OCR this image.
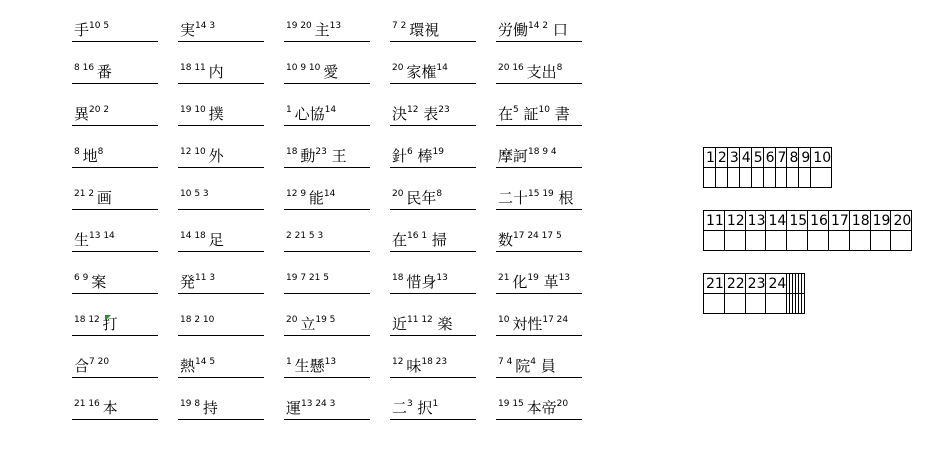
手$^{10 5}$	実$^{14 3}$	$^{19 20}$ 主$^{13}$	$^{7 2}$ 環視	労働$^{14 2}$ 口
$^{8 16}$ 番	$^{18 11}$ 内	$^{10 9 10}$ 愛	$^{20}$ 家権$^{14}$	$^{20 16}$ 支出$^8$
異$^{20 2}$	$^{19 10}$ 撲	$^1$ 心協$^{14}$	決$^{12}$ 表$^{23}$	在$^5$ 証$^{10}$ 書
$^8$ 地$^8$	$^{12 10}$ 外	$^{18}$ 動$^{23}$ 王	針$^6$ 棒$^{19}$	摩訶$^{18 9 4}$
$^{21 2}$ 画	$^{10 5 3}$	$^{12 9}$ 能$^{14}$	$^{20}$ 民年$^8$	二十$^{15 19}$ 根
生$^{13 14}$	$^{14 18}$ 足	$^{2 21 5 3}$	在$^{16 1}$ 掃	数$^{17 24 17 5}$
$^{6 9}$ 案	発$^{11 3}$	$^{19 7 21 5}$	$^{18}$ 惜身$^{13}$	$^{21}$ 化$^{19}$ 革$^{13}$
$^{18 12}$ 打	$^{18 2 10}$	$^{20}$ 立$^{19 5}$	近$^{11 12}$ 楽	$^{10}$ 対性$^{17 24}$
合$^{7 20}$	熱$^{14 5}$	$^1$ 生懸$^{13}$	$^{12}$ 味$^{18 23}$	$^{7 4}$ 院$^4$ 員
$^{21 16}$ 本	$^{19 8}$ 持	運$^{13 24 3}$	二$^3$ 択$^1$	$^{19 15}$ 本帝$^{20}$
1	2	3	4	5	6	7	8	9	10

11	12	13	14	15	16	17	18	19	20

21	22	23	24						
